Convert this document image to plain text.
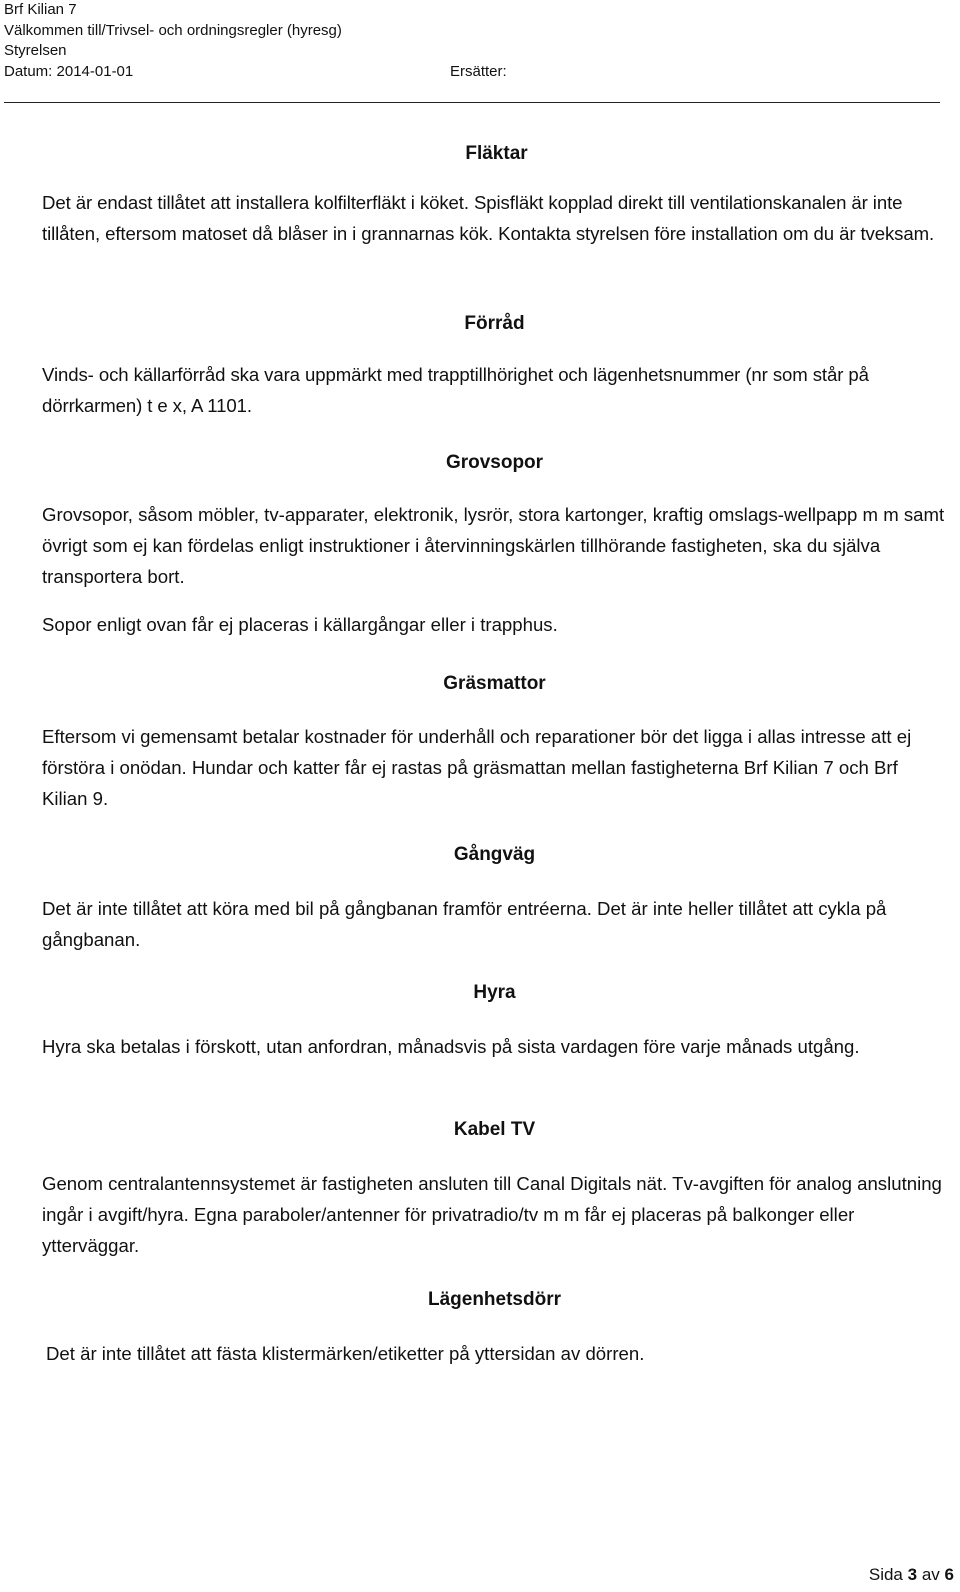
Brf Kilian 7
Välkommen till/Trivsel- och ordningsregler (hyresg)
Styrelsen
Datum: 2014-01-01	Ersätter:

Fläktar

Det är endast tillåtet att installera kolfilterfläkt i köket. Spisfläkt kopplad direkt till ventilationskanalen är inte tillåten, eftersom matoset då blåser in i grannarnas kök. Kontakta styrelsen före installation om du är tveksam.

Förråd

Vinds- och källarförråd ska vara uppmärkt med trapptillhörighet och lägenhetsnummer (nr som står på dörrkarmen) t e x, A 1101.

Grovsopor

Grovsopor, såsom möbler, tv-apparater, elektronik, lysrör, stora kartonger, kraftig omslags-wellpapp m m samt övrigt som ej kan fördelas enligt instruktioner i återvinningskärlen tillhörande fastigheten, ska du själva transportera bort.

Sopor enligt ovan får ej placeras i källargångar eller i trapphus.

Gräsmattor

Eftersom vi gemensamt betalar kostnader för underhåll och reparationer bör det ligga i allas intresse att ej förstöra i onödan. Hundar och katter får ej rastas på gräsmattan mellan fastigheterna Brf Kilian 7 och Brf Kilian 9.

Gångväg

Det är inte tillåtet att köra med bil på gångbanan framför entréerna. Det är inte heller tillåtet att cykla på gångbanan.

Hyra

Hyra ska betalas i förskott, utan anfordran, månadsvis på sista vardagen före varje månads utgång.

Kabel TV

Genom centralantennsystemet är fastigheten ansluten till Canal Digitals nät. Tv-avgiften för analog anslutning ingår i avgift/hyra. Egna paraboler/antenner för privatradio/tv m m får ej placeras på balkonger eller ytterväggar.

Lägenhetsdörr

Det är inte tillåtet att fästa klistermärken/etiketter på yttersidan av dörren.

Sida 3 av 6
